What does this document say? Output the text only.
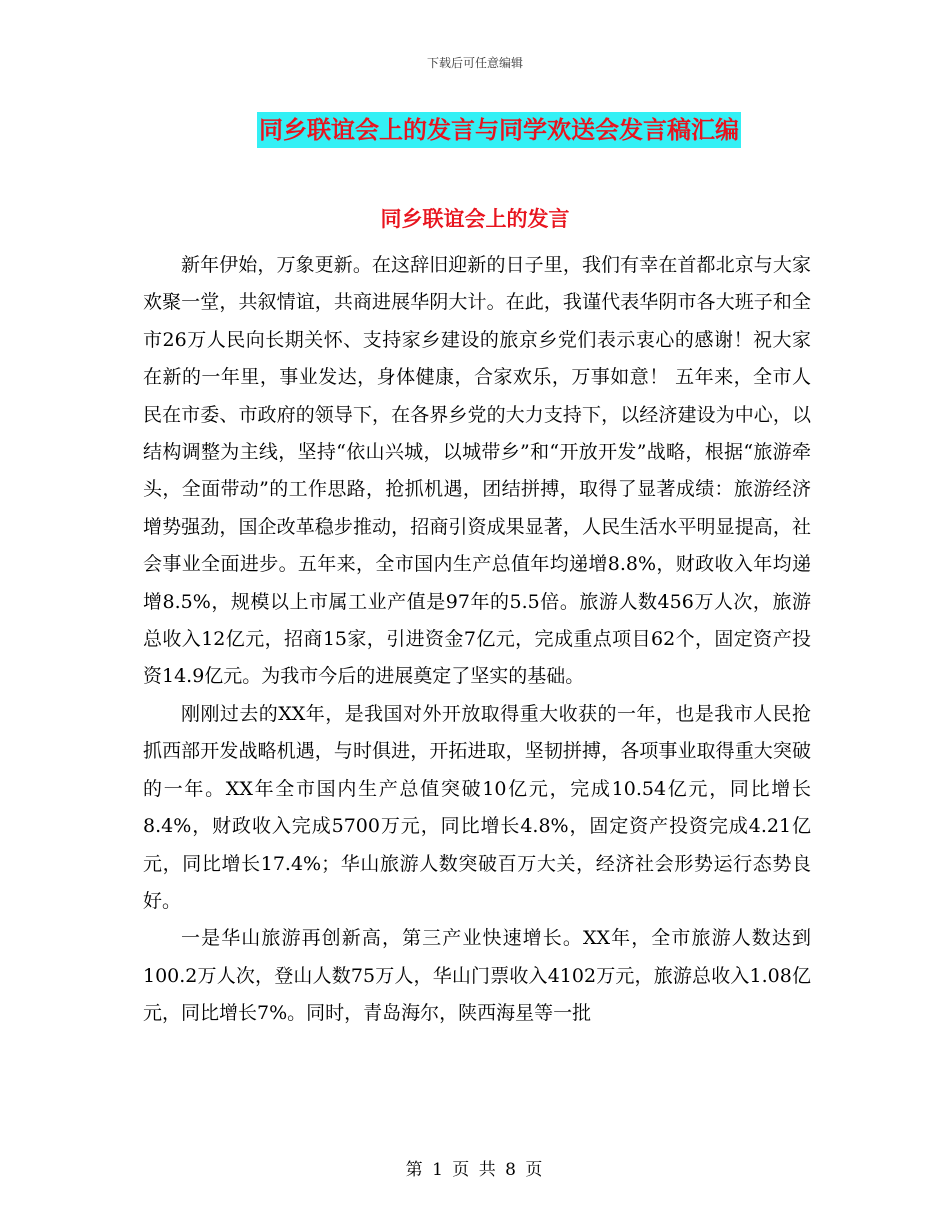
下载后可任意编辑
同乡联谊会上的发言与同学欢送会发言稿汇编
同乡联谊会上的发言

新年伊始，万象更新。在这辞旧迎新的日子里，我们有幸在首都北京与大家欢聚一堂，共叙情谊，共商进展华阴大计。在此，我谨代表华阴市各大班子和全市26万人民向长期关怀、支持家乡建设的旅京乡党们表示衷心的感谢！祝大家在新的一年里，事业发达，身体健康，合家欢乐，万事如意！ 五年来，全市人民在市委、市政府的领导下，在各界乡党的大力支持下，以经济建设为中心，以结构调整为主线，坚持“依山兴城，以城带乡”和“开放开发”战略，根据“旅游牵头，全面带动”的工作思路，抢抓机遇，团结拼搏，取得了显著成绩：旅游经济增势强劲，国企改革稳步推动，招商引资成果显著，人民生活水平明显提高，社会事业全面进步。五年来，全市国内生产总值年均递增8.8%，财政收入年均递增8.5%，规模以上市属工业产值是97年的5.5倍。旅游人数456万人次，旅游总收入12亿元，招商15家，引进资金7亿元，完成重点项目62个，固定资产投资14.9亿元。为我市今后的进展奠定了坚实的基础。

刚刚过去的XX年，是我国对外开放取得重大收获的一年，也是我市人民抢抓西部开发战略机遇，与时俱进，开拓进取，坚韧拼搏，各项事业取得重大突破的一年。XX年全市国内生产总值突破10亿元，完成10.54亿元，同比增长8.4%，财政收入完成5700万元，同比增长4.8%，固定资产投资完成4.21亿元，同比增长17.4%；华山旅游人数突破百万大关，经济社会形势运行态势良好。

一是华山旅游再创新高，第三产业快速增长。XX年，全市旅游人数达到100.2万人次，登山人数75万人，华山门票收入4102万元，旅游总收入1.08亿元，同比增长7%。同时，青岛海尔，陕西海星等一批

第 1 页 共 8 页
